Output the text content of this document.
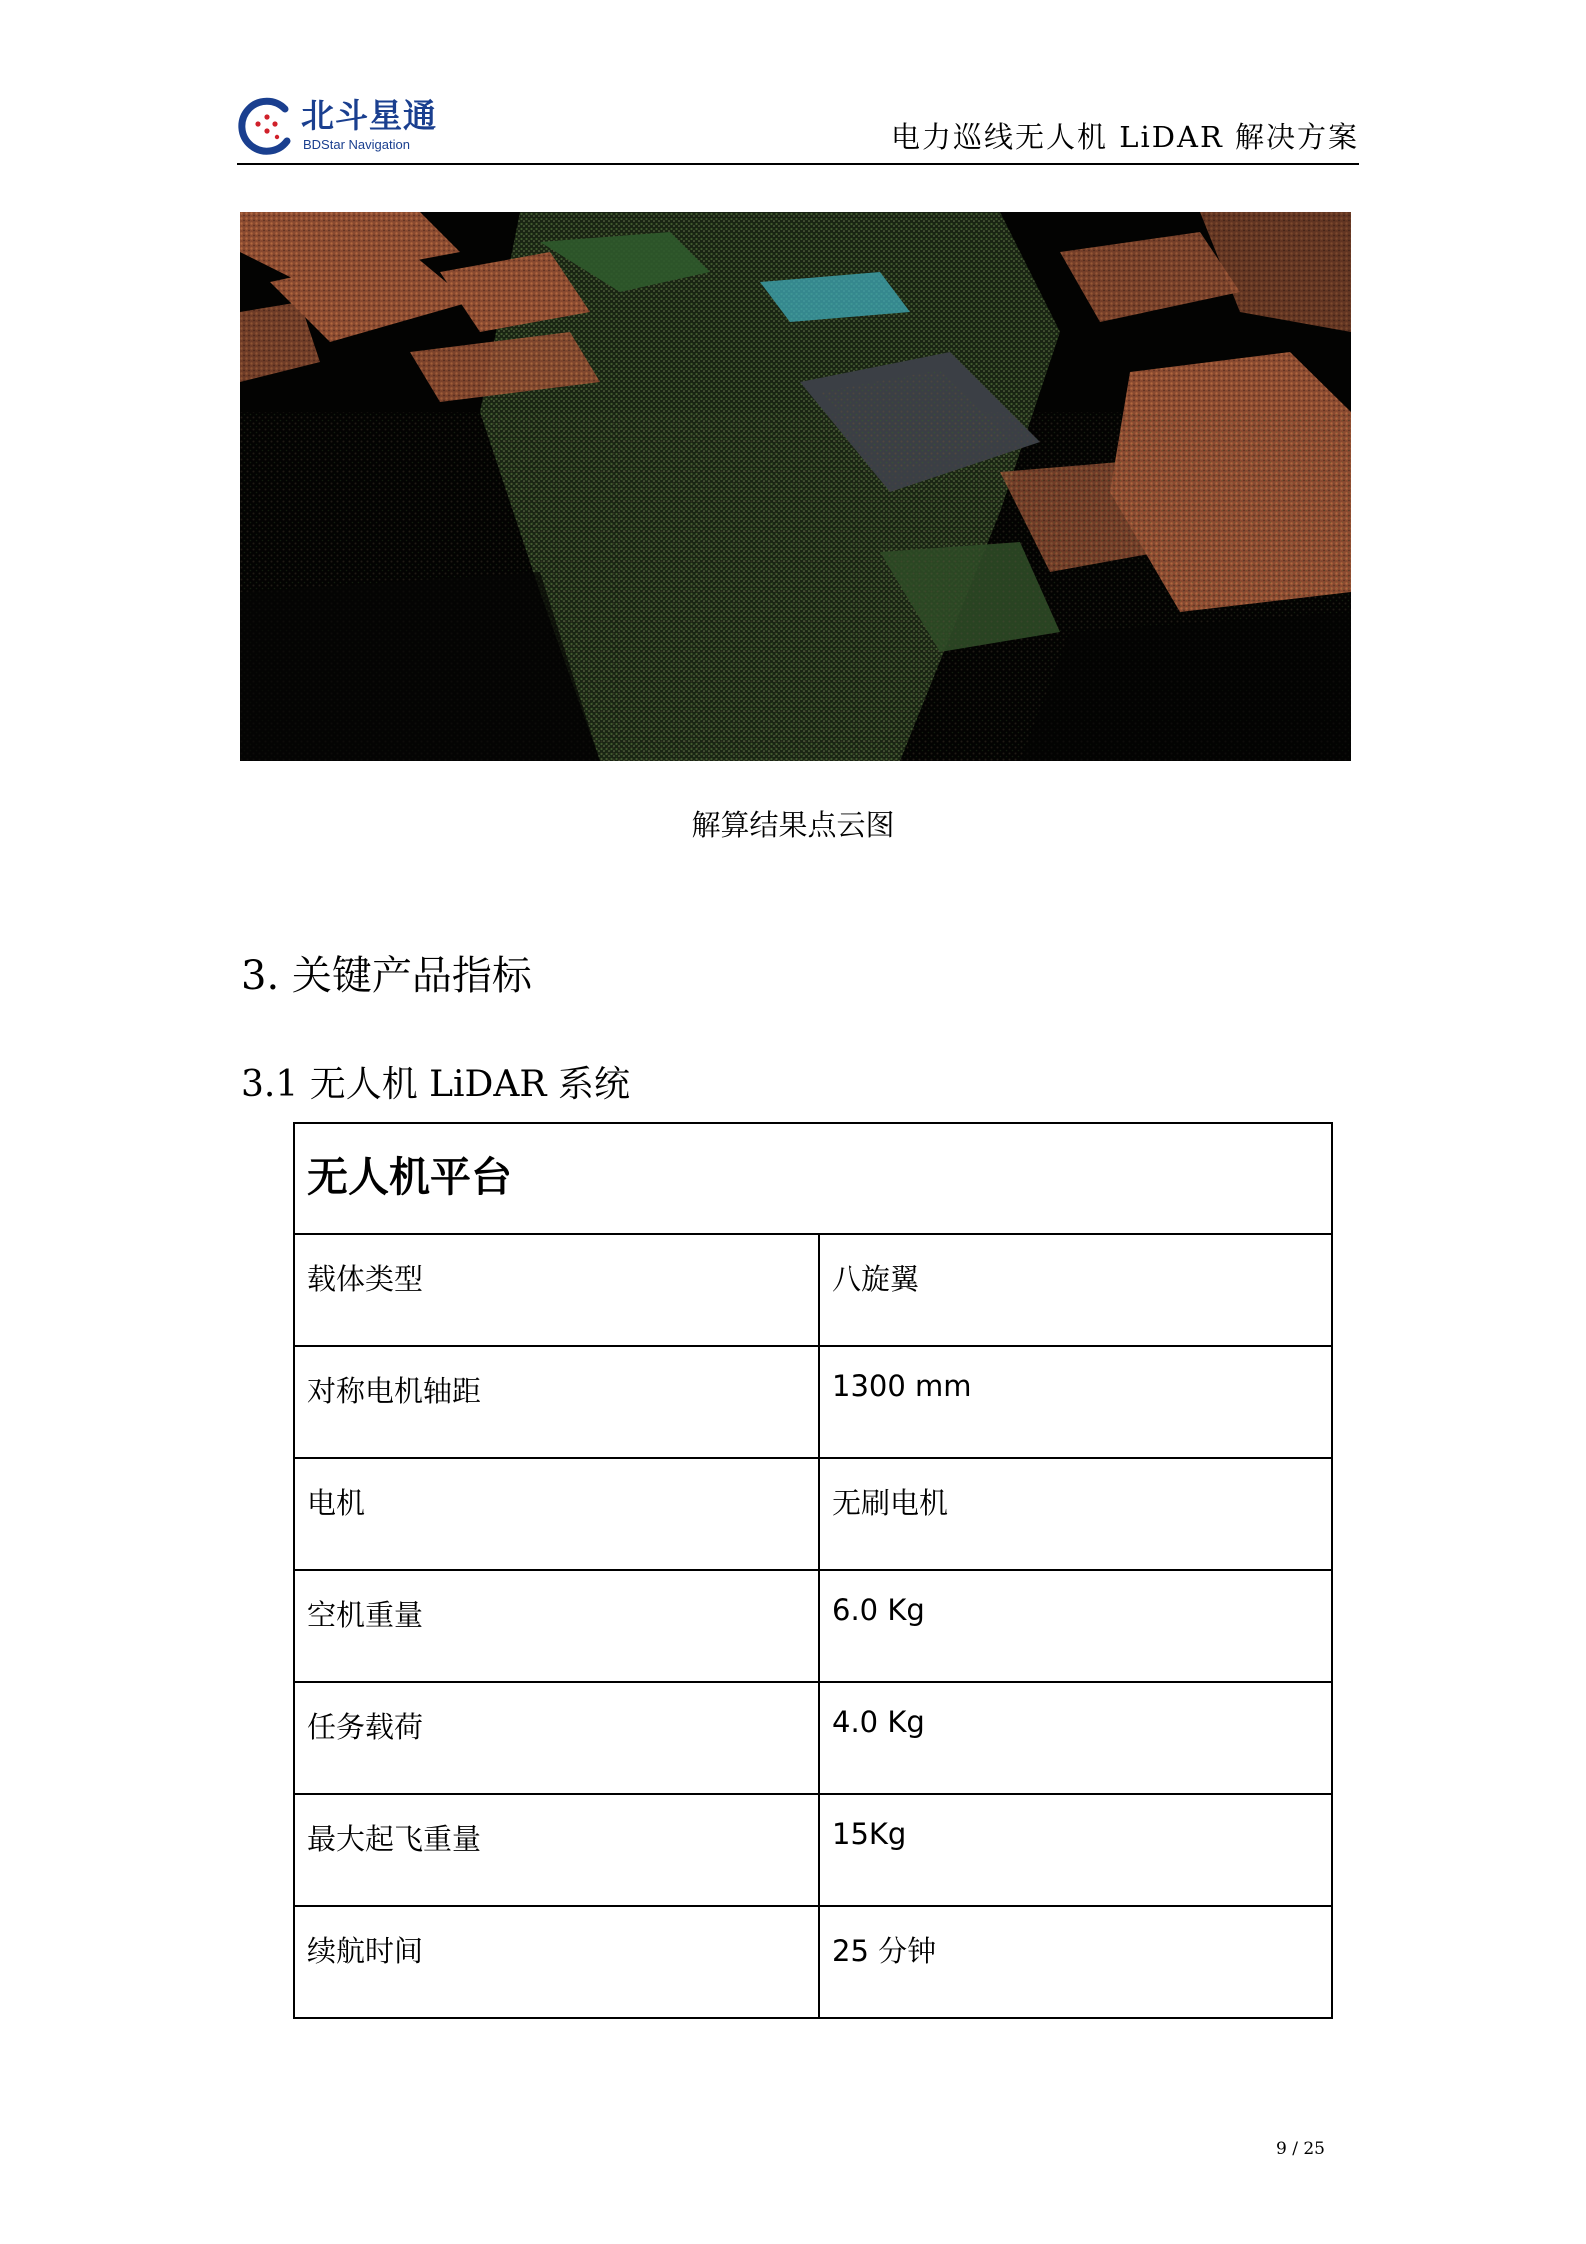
北斗星通
BDStar Navigation	电力巡线无人机 LiDAR 解决方案
解算结果点云图
3. 关键产品指标
3.1 无人机 LiDAR 系统
无人机平台	
载体类型	八旋翼
对称电机轴距	1300 mm
电机	无刷电机
空机重量	6.0 Kg
任务载荷	4.0 Kg
最大起飞重量	15Kg
续航时间	25 分钟
9 / 25
